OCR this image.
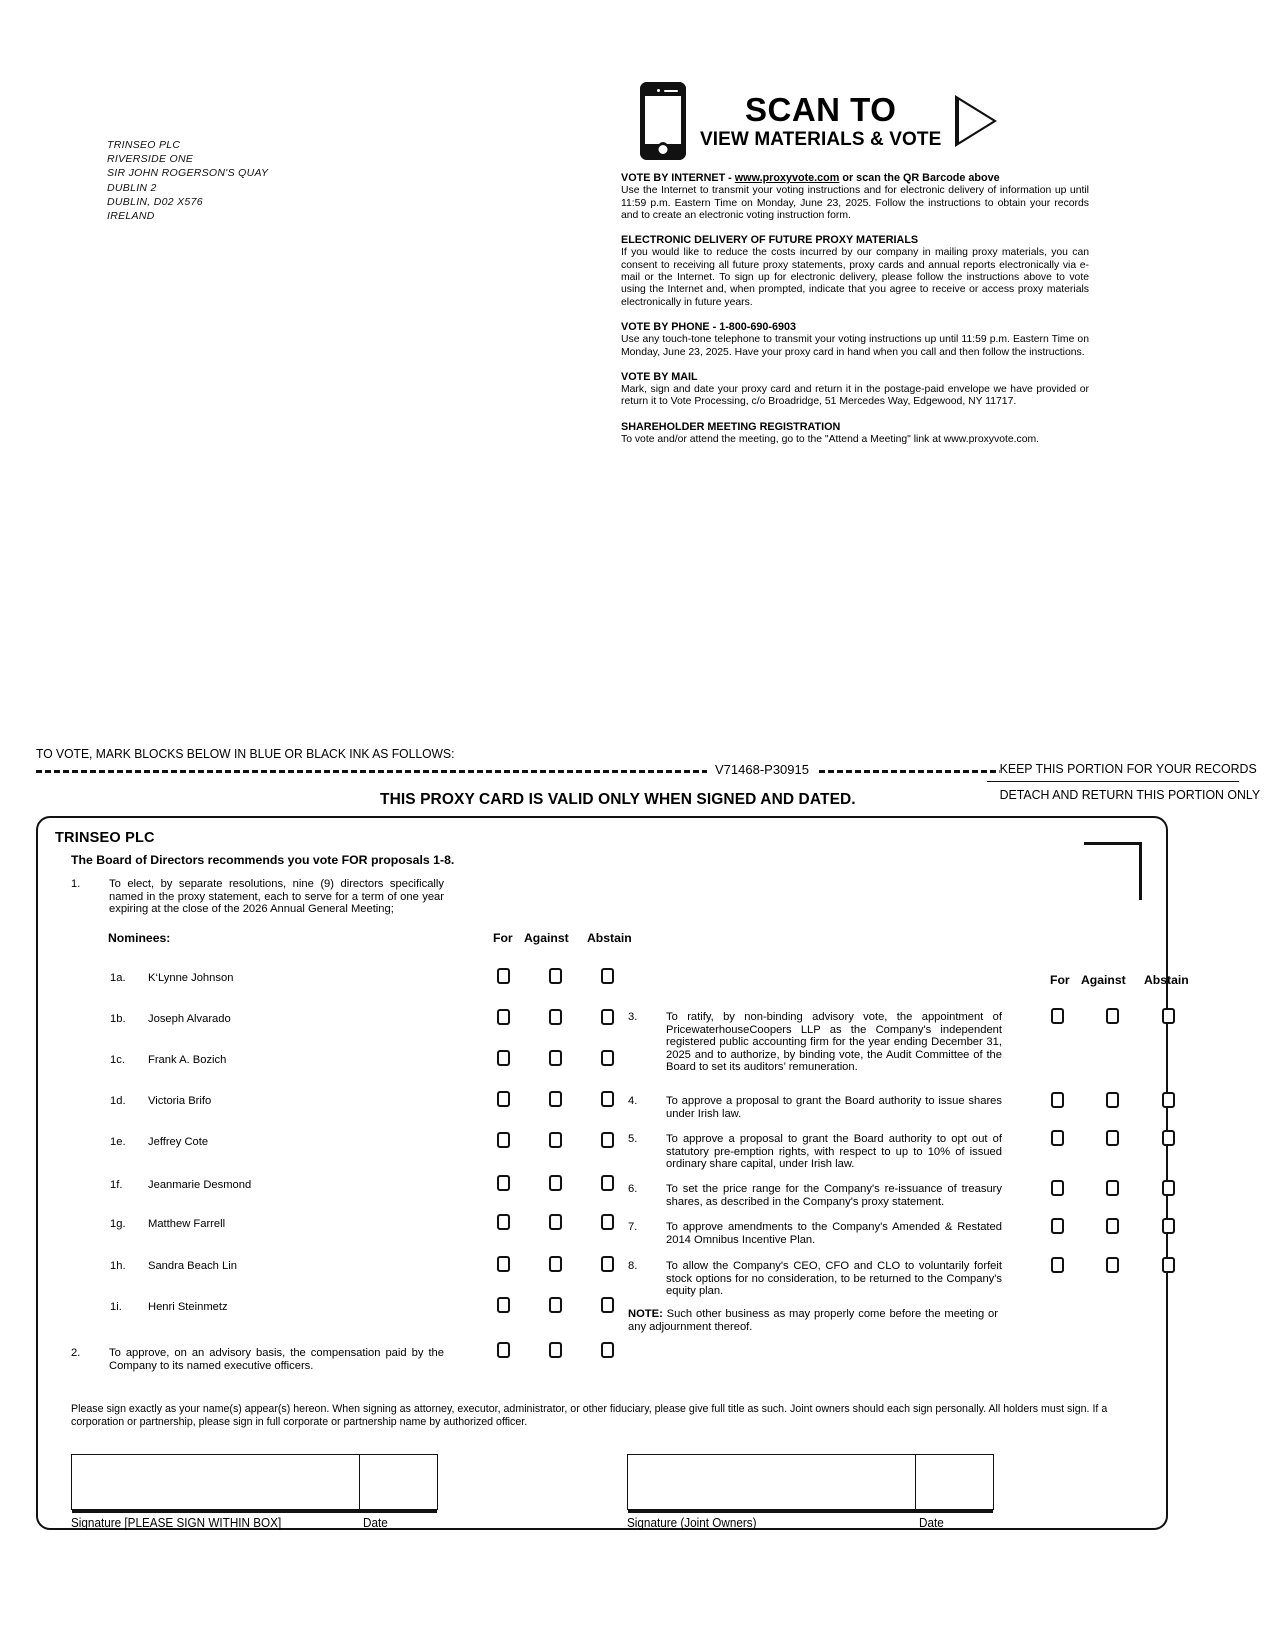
TRINSEO PLC
RIVERSIDE ONE
SIR JOHN ROGERSON'S QUAY
DUBLIN 2
DUBLIN, D02 X576
IRELAND
SCAN TO
VIEW MATERIALS & VOTE
VOTE BY INTERNET - www.proxyvote.com or scan the QR Barcode above

Use the Internet to transmit your voting instructions and for electronic delivery of information up until 11:59 p.m. Eastern Time on Monday, June 23, 2025. Follow the instructions to obtain your records and to create an electronic voting instruction form.

ELECTRONIC DELIVERY OF FUTURE PROXY MATERIALS

If you would like to reduce the costs incurred by our company in mailing proxy materials, you can consent to receiving all future proxy statements, proxy cards and annual reports electronically via e-mail or the Internet. To sign up for electronic delivery, please follow the instructions above to vote using the Internet and, when prompted, indicate that you agree to receive or access proxy materials electronically in future years.

VOTE BY PHONE - 1-800-690-6903

Use any touch-tone telephone to transmit your voting instructions up until 11:59 p.m. Eastern Time on Monday, June 23, 2025. Have your proxy card in hand when you call and then follow the instructions.

VOTE BY MAIL

Mark, sign and date your proxy card and return it in the postage-paid envelope we have provided or return it to Vote Processing, c/o Broadridge, 51 Mercedes Way, Edgewood, NY 11717.

SHAREHOLDER MEETING REGISTRATION

To vote and/or attend the meeting, go to the "Attend a Meeting" link at www.proxyvote.com.

TO VOTE, MARK BLOCKS BELOW IN BLUE OR BLACK INK AS FOLLOWS:
V71468-P30915	KEEP THIS PORTION FOR YOUR RECORDS
DETACH AND RETURN THIS PORTION ONLY
THIS PROXY CARD IS VALID ONLY WHEN SIGNED AND DATED.
TRINSEO PLC
The Board of Directors recommends you vote FOR proposals 1-8.
1.	To elect, by separate resolutions, nine (9) directors specifically named in the proxy statement, each to serve for a term of one year expiring at the close of the 2026 Annual General Meeting;
Nominees:	For Against Abstain
For Against Abstain
1a.	K‘Lynne Johnson
1b.	Joseph Alvarado
1c.	Frank A. Bozich
1d.	Victoria Brifo
1e.	Jeffrey Cote
1f.	Jeanmarie Desmond
1g.	Matthew Farrell
1h.	Sandra Beach Lin
1i.	Henri Steinmetz
2.	To approve, on an advisory basis, the compensation paid by the Company to its named executive officers.
3.	To ratify, by non-binding advisory vote, the appointment of PricewaterhouseCoopers LLP as the Company's independent registered public accounting firm for the year ending December 31, 2025 and to authorize, by binding vote, the Audit Committee of the Board to set its auditors’ remuneration.
4.	To approve a proposal to grant the Board authority to issue shares under Irish law.
5.	To approve a proposal to grant the Board authority to opt out of statutory pre-emption rights, with respect to up to 10% of issued ordinary share capital, under Irish law.
6.	To set the price range for the Company's re-issuance of treasury shares, as described in the Company's proxy statement.
7.	To approve amendments to the Company's Amended & Restated 2014 Omnibus Incentive Plan.
8.	To allow the Company's CEO, CFO and CLO to voluntarily forfeit stock options for no consideration, to be returned to the Company's equity plan.
NOTE: Such other business as may properly come before the meeting or any adjournment thereof.
Please sign exactly as your name(s) appear(s) hereon. When signing as attorney, executor, administrator, or other fiduciary, please give full title as such. Joint owners should each sign personally. All holders must sign. If a corporation or partnership, please sign in full corporate or partnership name by authorized officer.
Signature [PLEASE SIGN WITHIN BOX]	Date	Signature (Joint Owners)	Date
